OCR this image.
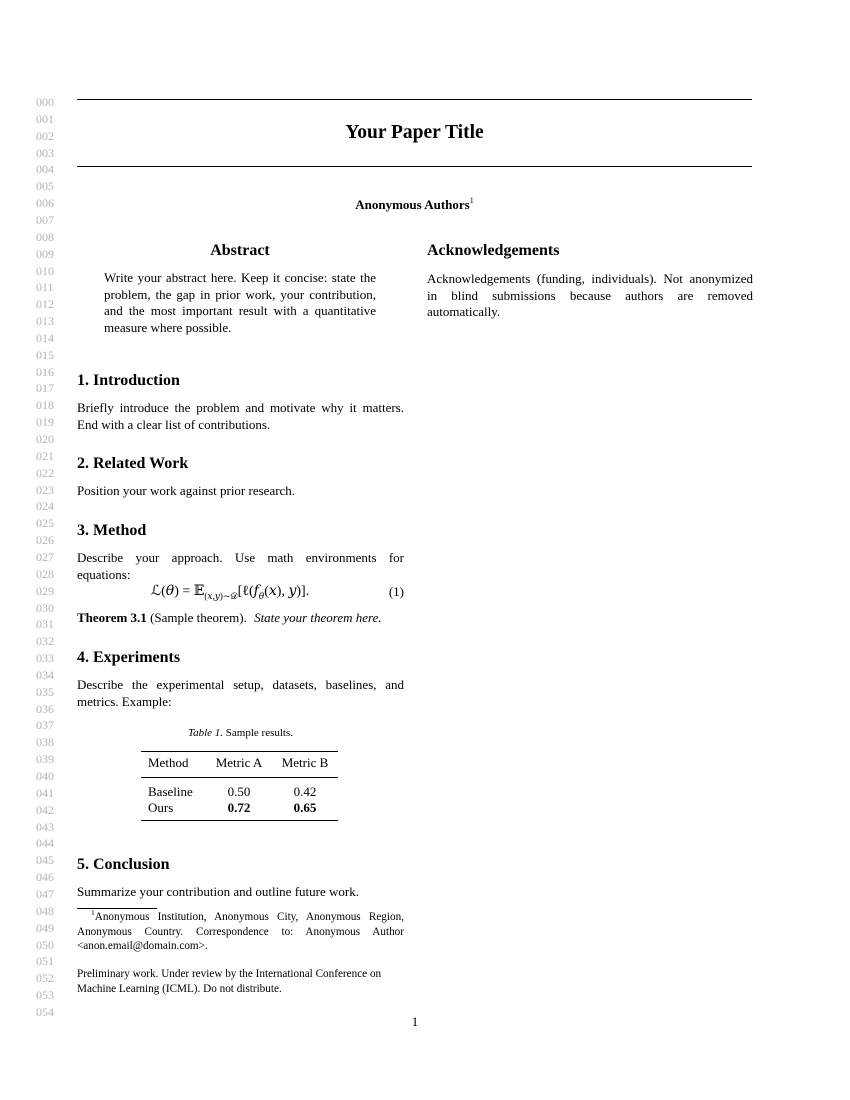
000
001
002
003
004
005
006
007
008
009
010
011
012
013
014
015
016
017
018
019
020
021
022
023
024
025
026
027
028
029
030
031
032
033
034
035
036
037
038
039
040
041
042
043
044
045
046
047
048
049
050
051
052
053
054
Your Paper Title
Anonymous Authors$^1$
Abstract
Write your abstract here. Keep it concise: state the problem, the gap in prior work, your contribution, and the most important result with a quantitative measure where possible.
1. Introduction
Briefly introduce the problem and motivate why it matters. End with a clear list of contributions.
2. Related Work
Position your work against prior research.
3. Method
Describe your approach. Use math environments for equations:
ℒ(θ) = $𝔼_{(x,y)\sim 𝒟}[\ell(f_\theta(x)$, y)].	(1)
Theorem 3.1 (Sample theorem). State your theorem here.
4. Experiments
Describe the experimental setup, datasets, baselines, and metrics. Example:
Table 1. Sample results.
Method	Metric A	Metric B
Baseline	0.50	0.42
Ours	0.72	0.65
5. Conclusion
Summarize your contribution and outline future work.
$^1$Anonymous Institution, Anonymous City, Anonymous Region, Anonymous Country. Correspondence to: Anonymous Author <anon.email@domain.com>.
Preliminary work. Under review by the International Conference on Machine Learning (ICML). Do not distribute.
Acknowledgements
Acknowledgements (funding, individuals). Not anonymized in blind submissions because authors are removed automatically.
1
